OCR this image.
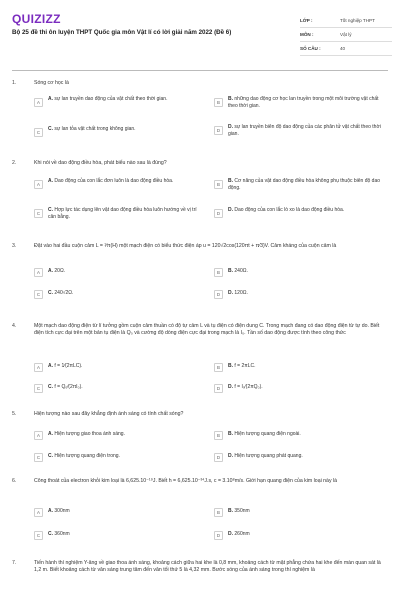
QUIZIZZ
Bộ 25 đề thi ôn luyện THPT Quốc gia môn Vật lí có lời giải năm 2022 (Đề 6)
LỚP :	Tốt nghiệp THPT
MÔN :	Vật lý
SỐ CÂU :	40
1.	Sóng cơ học là
A
A. sự lan truyền dao động của vật chất theo thời gian.
B
B. những dao động cơ học lan truyền trong một môi trường vật chất theo thời gian.
C
C. sự lan tỏa vật chất trong không gian.	D
D. sự lan truyền biên độ dao động của các phân tử vật chất theo thời gian.
2.	Khi nói về dao động điều hòa, phát biểu nào sau là đúng?
A
A. Dao động của con lắc đơn luôn là dao động điều hòa.
B
B. Cơ năng của vật dao động điều hòa không phụ thuộc biên độ dao động.
C
C. Hợp lực tác dụng lên vật dao động điều hòa luôn hướng về vị trí cân bằng.
D
D. Dao động của con lắc lò xo là dao động điều hòa.
3.	Đặt vào hai đầu cuộn cảm L = ¹⁄π(H) một mạch điện có biểu thức điện áp u = 120√2cos(120πt + π⁄3)V. Cảm kháng của cuộn cảm là
A	A. 20Ω.	B	B. 240Ω.
C	C. 240√2Ω.	D	D. 120Ω.
4.	Một mạch dao động điện từ lí tưởng gồm cuộn cảm thuần có độ tự cảm L và tụ điện có điện dung C. Trong mạch đang có dao động điện từ tự do. Biết điện tích cực đại trên một bản tụ điện là Q₀ và cường độ dòng điện cực đại trong mạch là I₀. Tần số dao động được tính theo công thức
A	A. f = 1⁄(2πLC).	B	B. f = 2πLC.
C	C. f = Q₀⁄(2πI₀).	D	D. f = I₀⁄(2πQ₀).
5.	Hiện tượng nào sau đây khẳng định ánh sáng có tính chất sóng?
A	A. Hiện tượng giao thoa ánh sáng.	B	B. Hiện tượng quang điện ngoài.
C	C. Hiện tượng quang điện trong.	D	D. Hiện tượng quang phát quang.
6.	Công thoát của electron khỏi kim loại là 6,625.10⁻¹⁹J. Biết h = 6,625.10⁻³⁴J.s, c = 3.10⁸m/s. Giới hạn quang điện của kim loại này là
A	A. 300nm	B	B. 350nm
C	C. 360nm	D	D. 260nm
7.	Tiến hành thí nghiệm Y-âng về giao thoa ánh sáng, khoảng cách giữa hai khe là 0,8 mm, khoảng cách từ mặt phẳng chứa hai khe đến màn quan sát là 1,2 m. Biết khoảng cách từ vân sáng trung tâm đến vân tối thứ 5 là 4,32 mm. Bước sóng của ánh sáng trong thí nghiệm là
